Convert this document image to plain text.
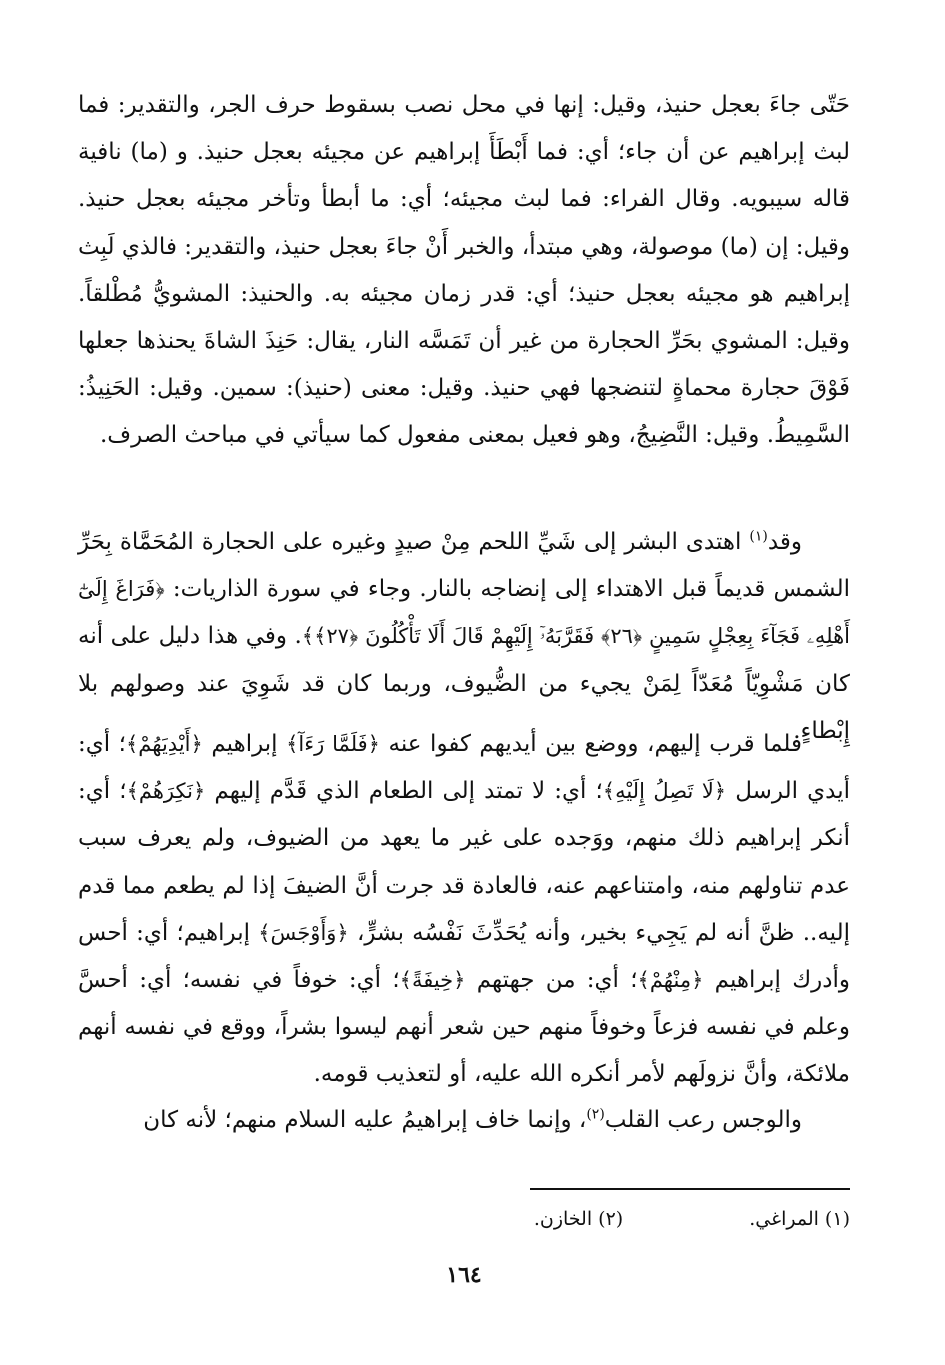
حَتّى جاءَ بعجل حنيذ، وقيل: إنها في محل نصب بسقوط حرف الجر، والتقدير: فما لبث إبراهيم عن أن جاء؛ أي: فما أَبْطَأَ إبراهيم عن مجيئه بعجل حنيذ. و (ما) نافية قاله سيبويه. وقال الفراء: فما لبث مجيئه؛ أي: ما أبطأ وتأخر مجيئه بعجل حنيذ. وقيل: إن (ما) موصولة، وهي مبتدأ، والخبر أَنْ جاءَ بعجل حنيذ، والتقدير: فالذي لَبِث إبراهيم هو مجيئه بعجل حنيذ؛ أي: قدر زمان مجيئه به. والحنيذ: المشويُّ مُطْلقاً. وقيل: المشوي بحَرِّ الحجارة من غير أن تَمَسَّه النار، يقال: حَنِذَ الشاةَ يحنذها جعلها فَوْقَ حجارة محماةٍ لتنضجها فهي حنيذ. وقيل: معنى (حنيذ): سمين. وقيل: الحَنِيذُ: السَّمِيطُ. وقيل: النَّضِيجُ، وهو فعيل بمعنى مفعول كما سيأتي في مباحث الصرف.

وقد$^{(١)}$ اهتدى البشر إلى شَيِّ اللحم مِنْ صيدٍ وغيره على الحجارة المُحَمَّاة بِحَرِّ الشمس قديماً قبل الاهتداء إلى إنضاجه بالنار. وجاء في سورة الذاريات: ﴿فَرَاغَ إِلَىٰٓ أَهْلِهِۦ فَجَآءَ بِعِجْلٍ سَمِينٍ ﴿٢٦﴾ فَقَرَّبَهُۥٓ إِلَيْهِمْ قَالَ أَلَا تَأْكُلُونَ ﴿٢٧﴾﴾. وفي هذا دليل على أنه كان مَشْوِيّاً مُعَدّاً لِمَنْ يجيء من الضُّيوف، وربما كان قد شَوِيَ عند وصولهم بلا إِبْطاءٍ.

فلما قرب إليهم، ووضع بين أيديهم كفوا عنه ﴿فَلَمَّا رَءَآ﴾ إبراهيم ﴿أَيْدِيَهُمْ﴾؛ أي: أيدي الرسل ﴿لَا تَصِلُ إِلَيْهِ﴾؛ أي: لا تمتد إلى الطعام الذي قَدَّم إليهم ﴿نَكِرَهُمْ﴾؛ أي: أنكر إبراهيم ذلك منهم، ووَجده على غير ما يعهد من الضيوف، ولم يعرف سبب عدم تناولهم منه، وامتناعهم عنه، فالعادة قد جرت أنَّ الضيفَ إذا لم يطعم مما قدم إليه.. ظنَّ أنه لم يَجِيء بخير، وأنه يُحَدِّثَ نَفْسُه بشرٍّ، ﴿وَأَوْجَسَ﴾ إبراهيم؛ أي: أحس وأدرك إبراهيم ﴿مِنْهُمْ﴾؛ أي: من جهتهم ﴿خِيفَةً﴾؛ أي: خوفاً في نفسه؛ أي: أحسَّ وعلم في نفسه فزعاً وخوفاً منهم حين شعر أنهم ليسوا بشراً، ووقع في نفسه أنهم ملائكة، وأنَّ نزولَهم لأمر أنكره الله عليه، أو لتعذيب قومه.

والوجس رعب القلب$^{(٢)}$، وإنما خاف إبراهيمُ عليه السلام منهم؛ لأنه كان

(١) المراغي. (٢) الخازن.
١٦٤
